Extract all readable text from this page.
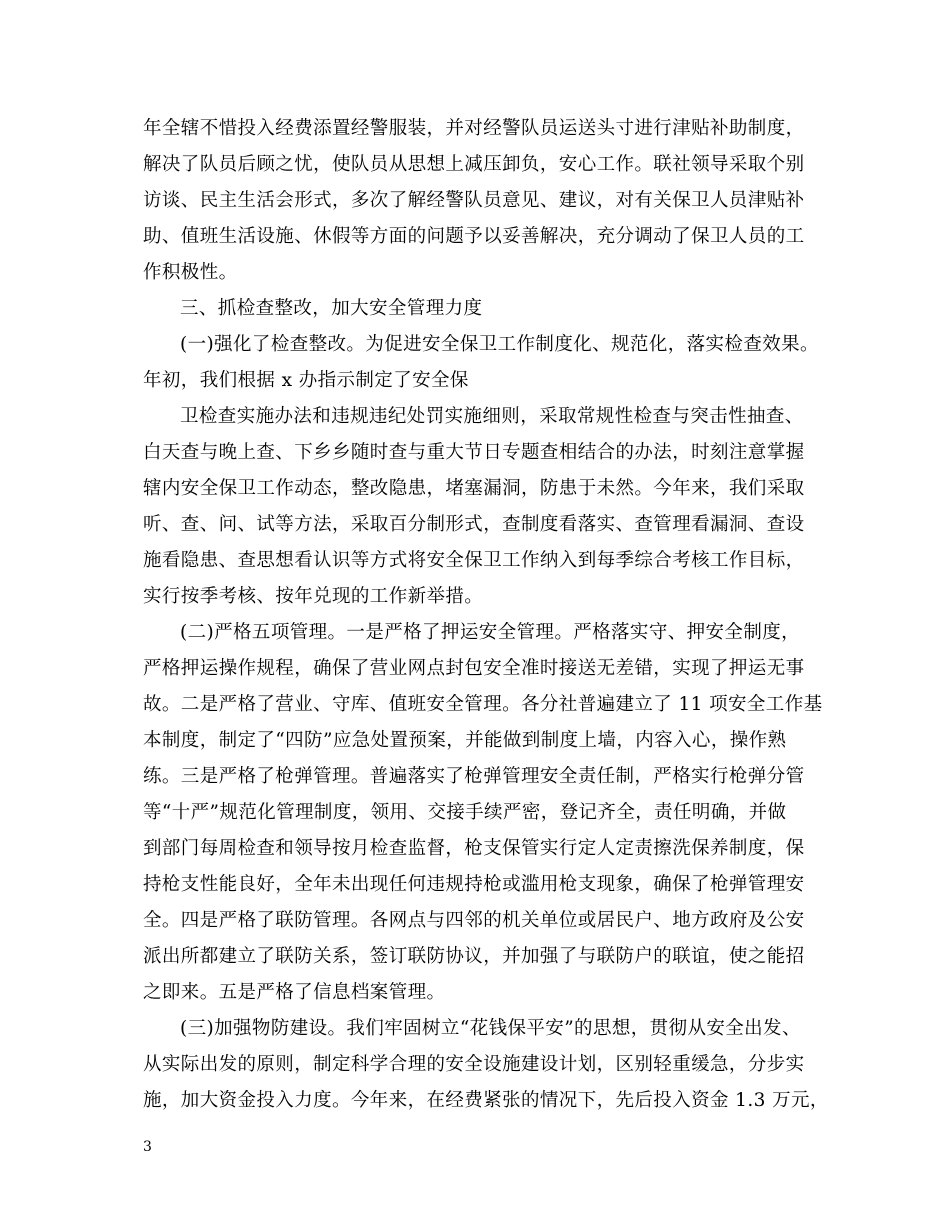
年全辖不惜投入经费添置经警服装，并对经警队员运送头寸进行津贴补助制度，
解决了队员后顾之忧，使队员从思想上减压卸负，安心工作。联社领导采取个别
访谈、民主生活会形式，多次了解经警队员意见、建议，对有关保卫人员津贴补
助、值班生活设施、休假等方面的问题予以妥善解决，充分调动了保卫人员的工
作积极性。
三、抓检查整改，加大安全管理力度
(一)强化了检查整改。为促进安全保卫工作制度化、规范化，落实检查效果。
年初，我们根据 x 办指示制定了安全保
卫检查实施办法和违规违纪处罚实施细则，采取常规性检查与突击性抽查、
白天查与晚上查、下乡乡随时查与重大节日专题查相结合的办法，时刻注意掌握
辖内安全保卫工作动态，整改隐患，堵塞漏洞，防患于未然。今年来，我们采取
听、查、问、试等方法，采取百分制形式，查制度看落实、查管理看漏洞、查设
施看隐患、查思想看认识等方式将安全保卫工作纳入到每季综合考核工作目标，
实行按季考核、按年兑现的工作新举措。
(二)严格五项管理。一是严格了押运安全管理。严格落实守、押安全制度，
严格押运操作规程，确保了营业网点封包安全准时接送无差错，实现了押运无事
故。二是严格了营业、守库、值班安全管理。各分社普遍建立了 11 项安全工作基
本制度，制定了“四防”应急处置预案，并能做到制度上墙，内容入心，操作熟
练。三是严格了枪弹管理。普遍落实了枪弹管理安全责任制，严格实行枪弹分管
等“十严”规范化管理制度，领用、交接手续严密，登记齐全，责任明确，并做
到部门每周检查和领导按月检查监督，枪支保管实行定人定责擦洗保养制度，保
持枪支性能良好，全年未出现任何违规持枪或滥用枪支现象，确保了枪弹管理安
全。四是严格了联防管理。各网点与四邻的机关单位或居民户、地方政府及公安
派出所都建立了联防关系，签订联防协议，并加强了与联防户的联谊，使之能招
之即来。五是严格了信息档案管理。
(三)加强物防建设。我们牢固树立“花钱保平安”的思想，贯彻从安全出发、
从实际出发的原则，制定科学合理的安全设施建设计划，区别轻重缓急，分步实
施，加大资金投入力度。今年来，在经费紧张的情况下，先后投入资金 1.3 万元，
3
